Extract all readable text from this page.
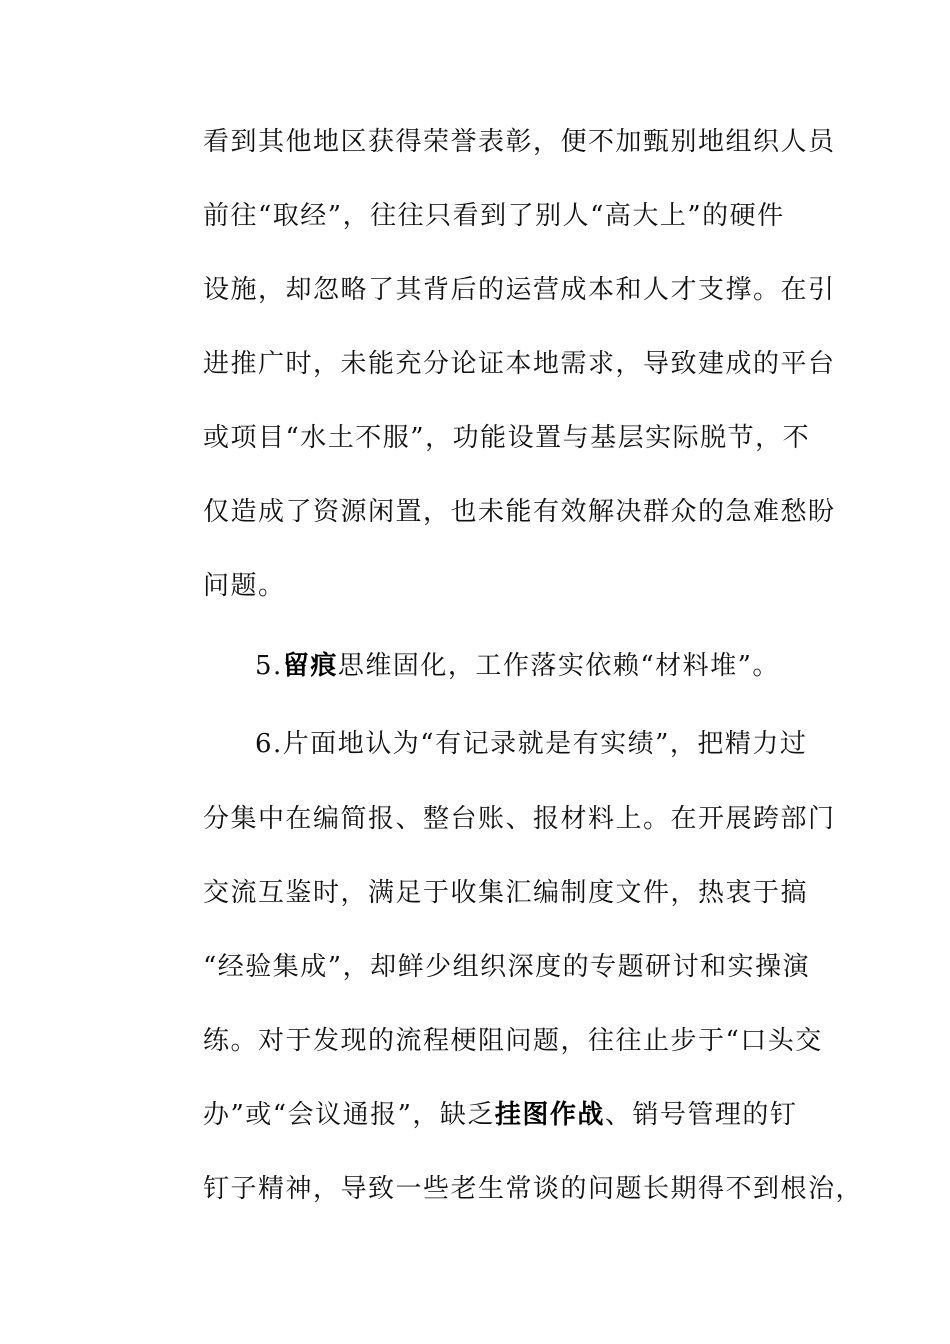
看到其他地区获得荣誉表彰，便不加甄别地组织人员
前往“取经”，往往只看到了别人“高大上”的硬件
设施，却忽略了其背后的运营成本和人才支撑。在引
进推广时，未能充分论证本地需求，导致建成的平台
或项目“水土不服”，功能设置与基层实际脱节，不
仅造成了资源闲置，也未能有效解决群众的急难愁盼
问题。
5.留痕思维固化，工作落实依赖“材料堆”。
6.片面地认为“有记录就是有实绩”，把精力过
分集中在编简报、整台账、报材料上。在开展跨部门
交流互鉴时，满足于收集汇编制度文件，热衷于搞
“经验集成”，却鲜少组织深度的专题研讨和实操演
练。对于发现的流程梗阻问题，往往止步于“口头交
办”或“会议通报”，缺乏挂图作战、销号管理的钉
钉子精神，导致一些老生常谈的问题长期得不到根治，
